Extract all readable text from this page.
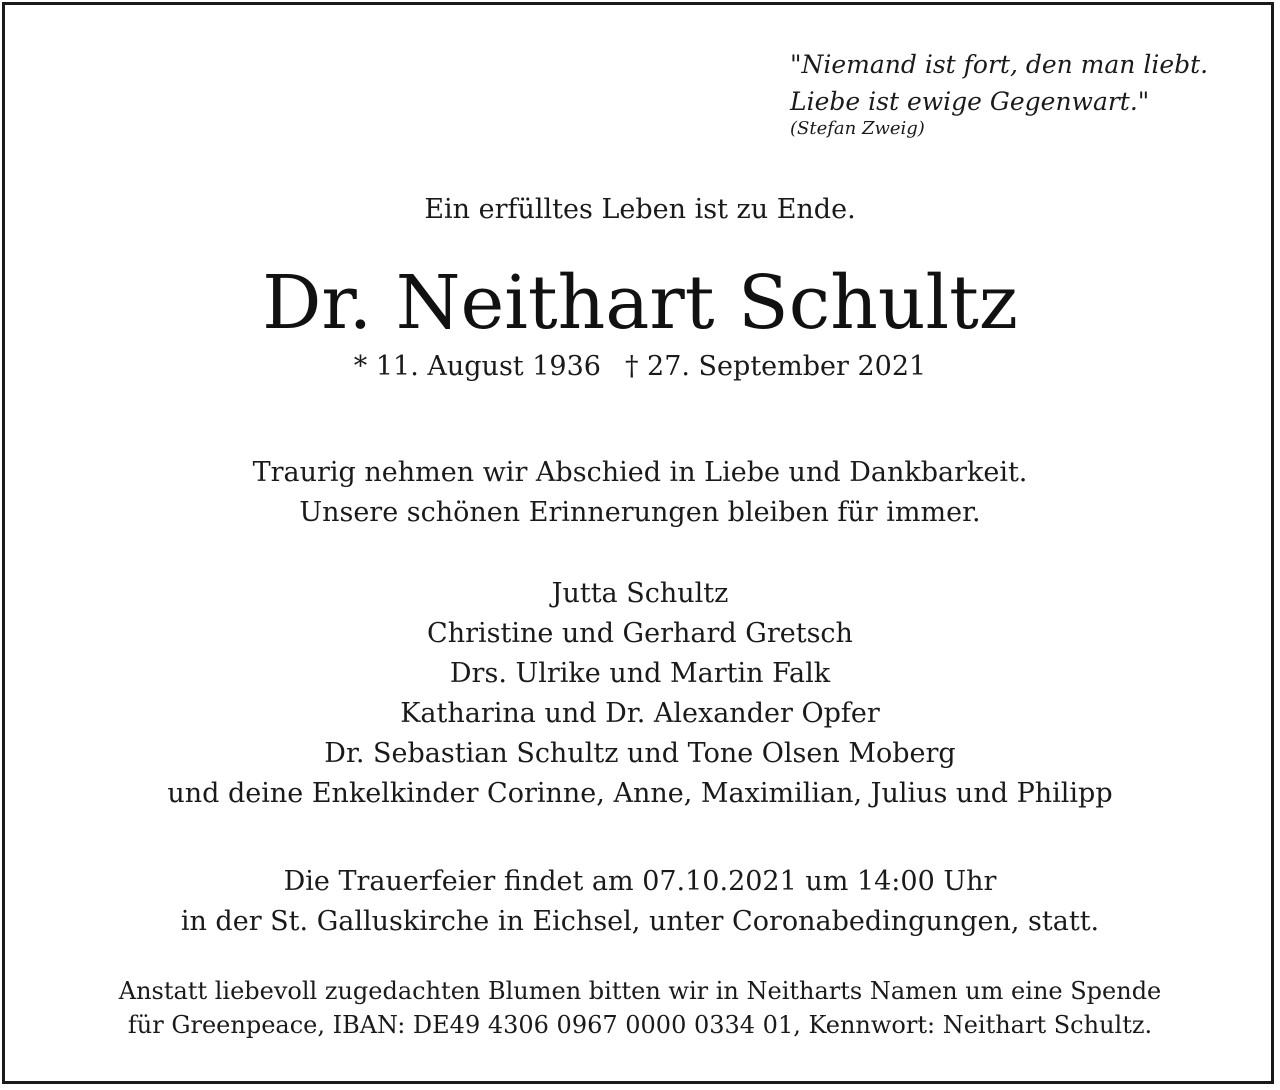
"Niemand ist fort, den man liebt.
Liebe ist ewige Gegenwart."
(Stefan Zweig)
Ein erfülltes Leben ist zu Ende.
Dr. Neithart Schultz
* 11. August 1936 † 27. September 2021
Traurig nehmen wir Abschied in Liebe und Dankbarkeit.
Unsere schönen Erinnerungen bleiben für immer.
Jutta Schultz
Christine und Gerhard Gretsch
Drs. Ulrike und Martin Falk
Katharina und Dr. Alexander Opfer
Dr. Sebastian Schultz und Tone Olsen Moberg
und deine Enkelkinder Corinne, Anne, Maximilian, Julius und Philipp
Die Trauerfeier findet am 07.10.2021 um 14:00 Uhr
in der St. Galluskirche in Eichsel, unter Coronabedingungen, statt.
Anstatt liebevoll zugedachten Blumen bitten wir in Neitharts Namen um eine Spende
für Greenpeace, IBAN: DE49 4306 0967 0000 0334 01, Kennwort: Neithart Schultz.
